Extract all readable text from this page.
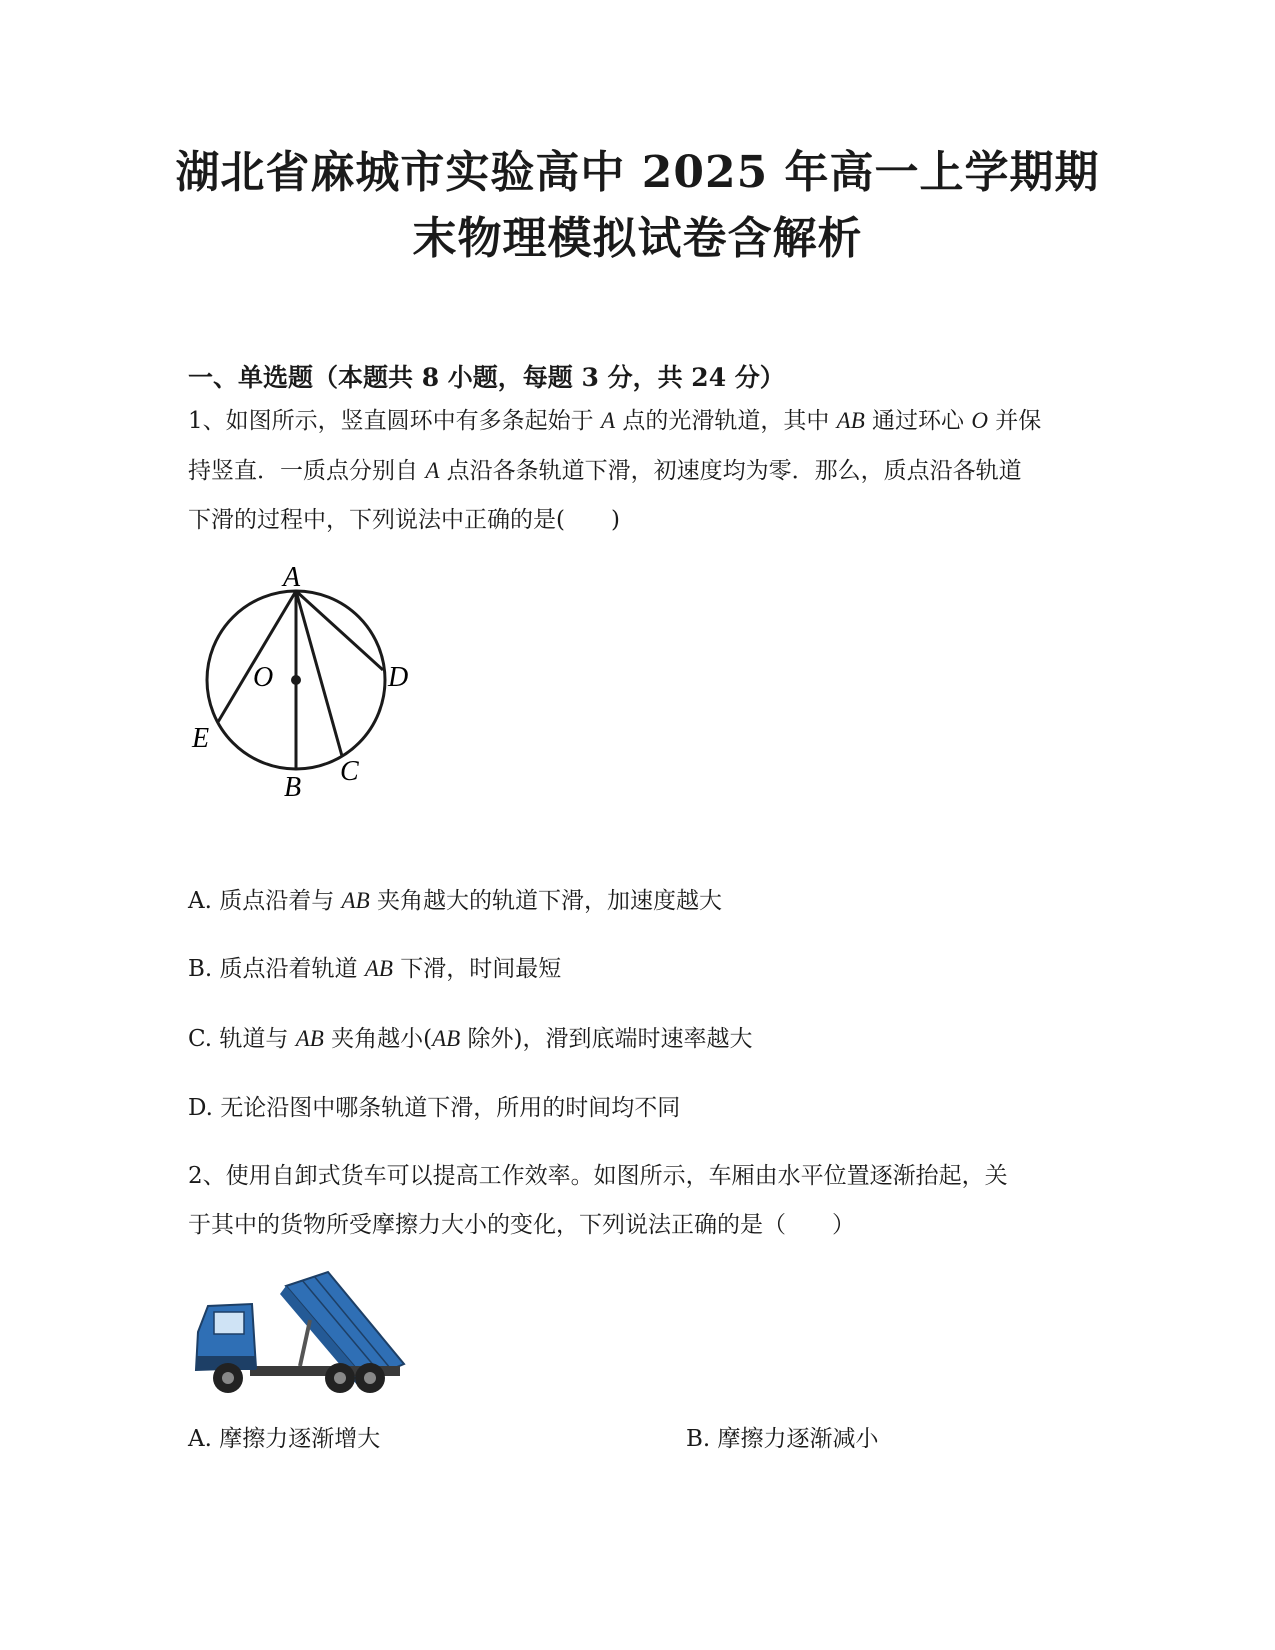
湖北省麻城市实验高中 2025 年高一上学期期
末物理模拟试卷含解析
一、单选题（本题共 8 小题，每题 3 分，共 24 分）
1、如图所示，竖直圆环中有多条起始于 A 点的光滑轨道，其中 AB 通过环心 O 并保
持竖直．一质点分别自 A 点沿各条轨道下滑，初速度均为零．那么，质点沿各轨道
下滑的过程中，下列说法中正确的是(　　)
A
O	D
E
C
B
A. 质点沿着与 AB 夹角越大的轨道下滑，加速度越大
B. 质点沿着轨道 AB 下滑，时间最短
C. 轨道与 AB 夹角越小(AB 除外)，滑到底端时速率越大
D. 无论沿图中哪条轨道下滑，所用的时间均不同
2、使用自卸式货车可以提高工作效率。如图所示，车厢由水平位置逐渐抬起，关
于其中的货物所受摩擦力大小的变化，下列说法正确的是（　　）
A. 摩擦力逐渐增大	B. 摩擦力逐渐减小
